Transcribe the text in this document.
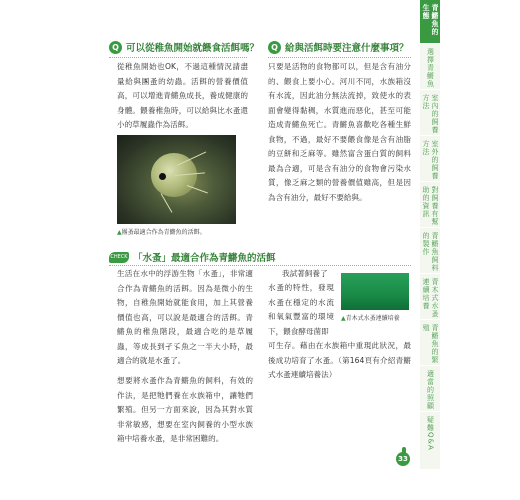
Q 可以從稚魚開始就餵食活餌嗎？
從稚魚開始也OK，不過這種情況請盡量給與團蚤的幼蟲。活餌的營養價值高，可以增進青鱂魚成長，養成健康的身體。餵養稚魚時，可以給與比水蚤還小的草履蟲作為活餌。
▲團蚤最適合作為青鱂魚的活餌。
Q 給與活餌時要注意什麼事項？
只要是活物的食物都可以，但是含有油分的、餵食上要小心。河川不同，水族箱沒有水流，因此油分無法流掉，致使水的表面會變得黏稠，水質進而惡化，甚至可能造成青鱂魚死亡。青鱂魚喜歡吃各種生鮮食物，不過，最好不要餵食像是含有油脂的豆餅和乏麻等。雖然富含蛋白質的飼料最為合適，可是含有油分的食物會污染水質，像乏麻之類的營養價值雖高，但是因為含有油分，最好不要給與。
CHECK 「水蚤」最適合作為青鱂魚的活餌
生活在水中的浮游生物「水蚤」，非常適合作為青鱂魚的活餌。因為是微小的生物，自稚魚開始就能食用，加上其營養價值也高，可以說是最適合的活餌。青鱂魚的稚魚階段，最適合吃的是草履蟲，等成長到孑孓魚之一半大小時，最適合的就是水蚤了。
想要將水蚤作為青鱂魚的飼料，有效的作法，是把牠們養在水族箱中，讓牠們繁殖。但另一方面來說，因為其對水質非常敏感，想要在室內飼養的小型水族箱中培養水蚤，是非常困難的。
我試著飼養了
水蚤的特性，發現水蚤在穩定的水流和氧氣豐富的環境下，餵食酵母菌即
可生存。藉由在水族箱中重現此狀況，最後成功培育了水蚤。（第164頁有介紹青鱂式水蚤連續培養法）
▲青木式水蚤連續培養
青鱂魚的生態
選擇青鱂魚
室內的飼養方法
室外的飼養方法
對飼養有幫助的資訊
青鱂魚飼料的製作
青木式水蚤連續培養
青鱂魚的繁殖
適當的照顧
疑難Q&A
33
